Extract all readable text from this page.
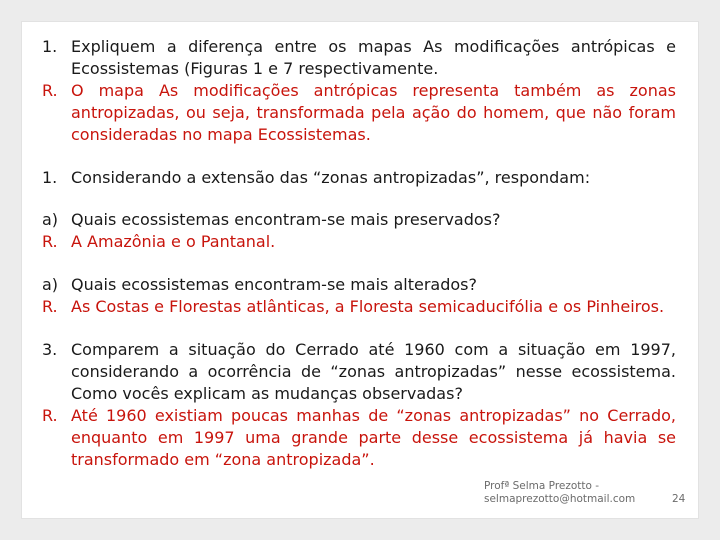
1. Expliquem a diferença entre os mapas As modificações antrópicas e Ecossistemas (Figuras 1 e 7 respectivamente.
R. O mapa As modificações antrópicas representa também as zonas antropizadas, ou seja, transformada pela ação do homem, que não foram consideradas no mapa Ecossistemas.
1. Considerando a extensão das “zonas antropizadas”, respondam:
a) Quais ecossistemas encontram-se mais preservados?
R. A Amazônia e o Pantanal.
a) Quais ecossistemas encontram-se mais alterados?
R. As Costas e Florestas atlânticas, a Floresta semicaducifólia e os Pinheiros.
3. Comparem a situação do Cerrado até 1960 com a situação em 1997, considerando a ocorrência de “zonas antropizadas” nesse ecossistema. Como vocês explicam as mudanças observadas?
R. Até 1960 existiam poucas manhas de “zonas antropizadas” no Cerrado, enquanto em 1997 uma grande parte desse ecossistema já havia se transformado em “zona antropizada”.
Profª Selma Prezotto -
selmaprezotto@hotmail.com	24
